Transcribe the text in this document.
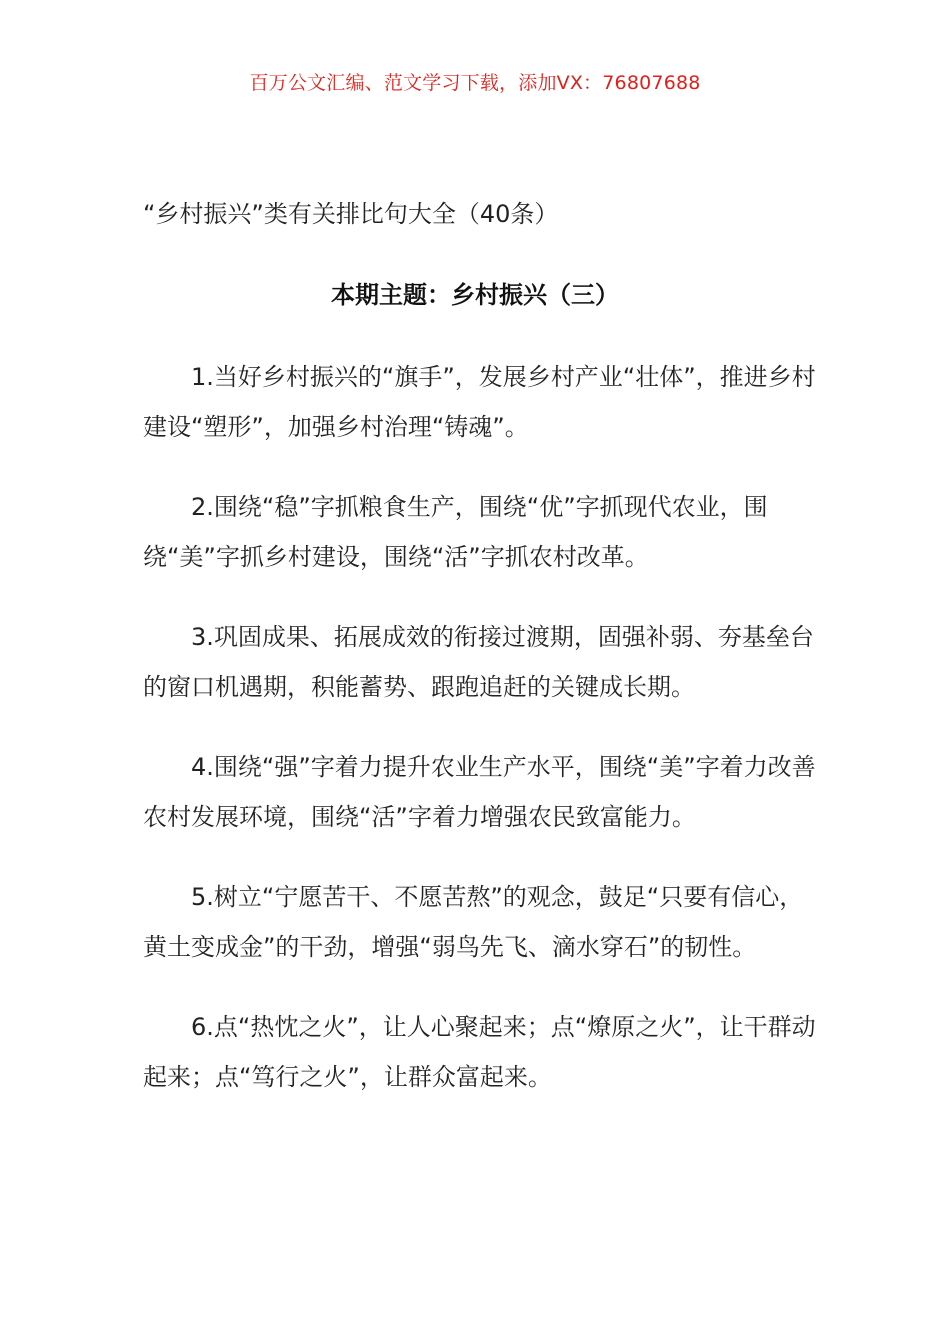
百万公文汇编、范文学习下载，添加VX：76807688
“乡村振兴”类有关排比句大全（40条）
本期主题：乡村振兴（三）

1.当好乡村振兴的“旗手”，发展乡村产业“壮体”，推进乡村建设“塑形”，加强乡村治理“铸魂”。

2.围绕“稳”字抓粮食生产，围绕“优”字抓现代农业，围绕“美”字抓乡村建设，围绕“活”字抓农村改革。

3.巩固成果、拓展成效的衔接过渡期，固强补弱、夯基垒台的窗口机遇期，积能蓄势、跟跑追赶的关键成长期。

4.围绕“强”字着力提升农业生产水平，围绕“美”字着力改善农村发展环境，围绕“活”字着力增强农民致富能力。

5.树立“宁愿苦干、不愿苦熬”的观念，鼓足“只要有信心，黄土变成金”的干劲，增强“弱鸟先飞、滴水穿石”的韧性。

6.点“热忱之火”，让人心聚起来；点“燎原之火”，让干群动起来；点“笃行之火”，让群众富起来。
